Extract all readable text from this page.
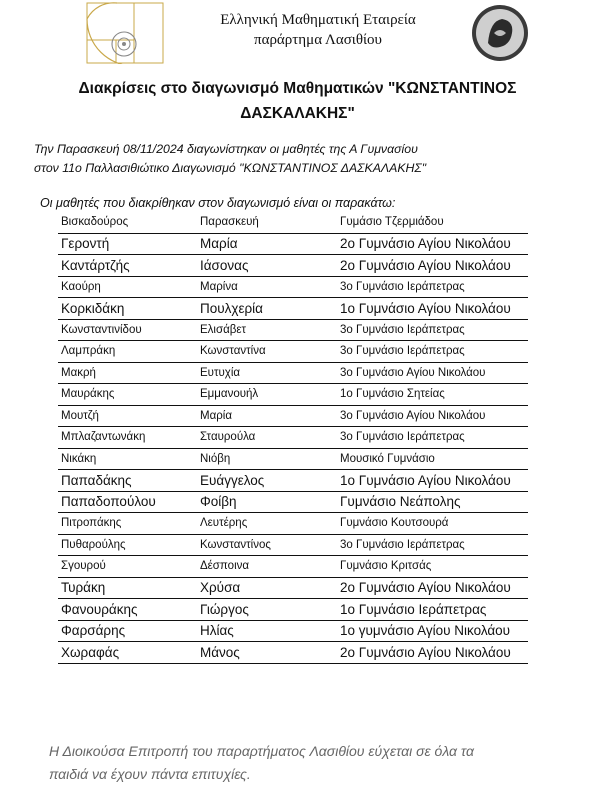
Ελληνική Μαθηματική Εταιρεία
παράρτημα Λασιθίου
Διακρίσεις στο διαγωνισμό Μαθηματικών "ΚΩΝΣΤΑΝΤΙΝΟΣ
ΔΑΣΚΑΛΑΚΗΣ"
Την Παρασκευή 08/11/2024 διαγωνίστηκαν οι μαθητές της Α Γυμνασίου
στον 11ο Παλλασιθιώτικο Διαγωνισμό "ΚΩΝΣΤΑΝΤΙΝΟΣ ΔΑΣΚΑΛΑΚΗΣ"
Οι μαθητές που διακρίθηκαν στον διαγωνισμό είναι οι παρακάτω:
Βισκαδούρος	Παρασκευή	Γυμάσιο Τζερμιάδου
Γεροντή	Μαρία	2ο Γυμνάσιο Αγίου Νικολάου
Καντάρτζής	Ιάσονας	2ο Γυμνάσιο Αγίου Νικολάου
Καούρη	Μαρίνα	3ο Γυμνάσιο Ιεράπετρας
Κορκιδάκη	Πουλχερία	1ο Γυμνάσιο Αγίου Νικολάου
Κωνσταντινίδου	Ελισάβετ	3ο Γυμνάσιο Ιεράπετρας
Λαμπράκη	Κωνσταντίνα	3ο Γυμνάσιο Ιεράπετρας
Μακρή	Ευτυχία	3ο Γυμνάσιο Αγίου Νικολάου
Μαυράκης	Εμμανουήλ	1ο Γυμνάσιο Σητείας
Μουτζή	Μαρία	3ο Γυμνάσιο Αγίου Νικολάου
Μπλαζαντωνάκη	Σταυρούλα	3ο Γυμνάσιο Ιεράπετρας
Νικάκη	Νιόβη	Μουσικό Γυμνάσιο
Παπαδάκης	Ευάγγελος	1ο Γυμνάσιο Αγίου Νικολάου
Παπαδοπούλου	Φοίβη	Γυμνάσιο Νεάπολης
Πιτροπάκης	Λευτέρης	Γυμνάσιο Κουτσουρά
Πυθαρούλης	Κωνσταντίνος	3ο Γυμνάσιο Ιεράπετρας
Σγουρού	Δέσποινα	Γυμνάσιο Κριτσάς
Τυράκη	Χρύσα	2ο Γυμνάσιο Αγίου Νικολάου
Φανουράκης	Γιώργος	1ο Γυμνάσιο Ιεράπετρας
Φαρσάρης	Ηλίας	1ο γυμνάσιο Αγίου Νικολάου
Χωραφάς	Μάνος	2ο Γυμνάσιο Αγίου Νικολάου
Η Διοικούσα Επιτροπή του παραρτήματος Λασιθίου εύχεται σε όλα τα
παιδιά να έχουν πάντα επιτυχίες.
